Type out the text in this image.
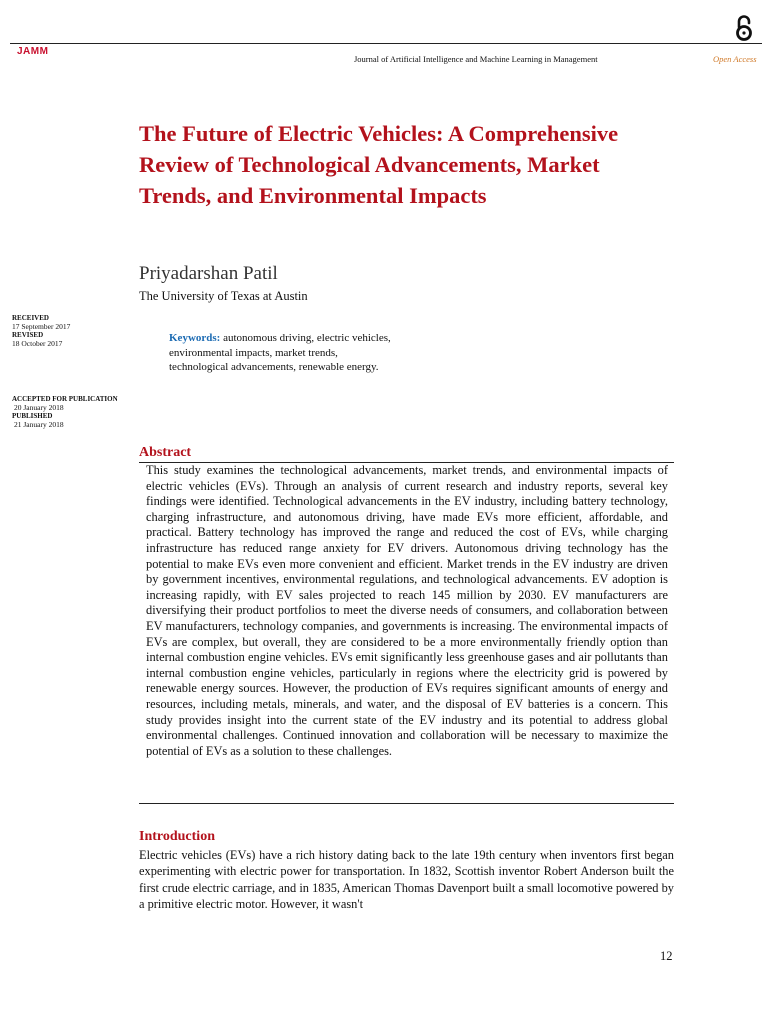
JAMM
Journal of Artificial Intelligence and Machine Learning in Management	Open Access
The Future of Electric Vehicles: A Comprehensive Review of Technological Advancements, Market Trends, and Environmental Impacts
Priyadarshan Patil
The University of Texas at Austin
RECEIVED
17 September 2017
REVISED
18 October 2017
ACCEPTED FOR PUBLICATION
20 January 2018
PUBLISHED
21 January 2018
Keywords: autonomous driving, electric vehicles, environmental impacts, market trends, technological advancements, renewable energy.
Abstract

This study examines the technological advancements, market trends, and environmental impacts of electric vehicles (EVs). Through an analysis of current research and industry reports, several key findings were identified. Technological advancements in the EV industry, including battery technology, charging infrastructure, and autonomous driving, have made EVs more efficient, affordable, and practical. Battery technology has improved the range and reduced the cost of EVs, while charging infrastructure has reduced range anxiety for EV drivers. Autonomous driving technology has the potential to make EVs even more convenient and efficient. Market trends in the EV industry are driven by government incentives, environmental regulations, and technological advancements. EV adoption is increasing rapidly, with EV sales projected to reach 145 million by 2030. EV manufacturers are diversifying their product portfolios to meet the diverse needs of consumers, and collaboration between EV manufacturers, technology companies, and governments is increasing. The environmental impacts of EVs are complex, but overall, they are considered to be a more environmentally friendly option than internal combustion engine vehicles. EVs emit significantly less greenhouse gases and air pollutants than internal combustion engine vehicles, particularly in regions where the electricity grid is powered by renewable energy sources. However, the production of EVs requires significant amounts of energy and resources, including metals, minerals, and water, and the disposal of EV batteries is a concern. This study provides insight into the current state of the EV industry and its potential to address global environmental challenges. Continued innovation and collaboration will be necessary to maximize the potential of EVs as a solution to these challenges.

Introduction

Electric vehicles (EVs) have a rich history dating back to the late 19th century when inventors first began experimenting with electric power for transportation. In 1832, Scottish inventor Robert Anderson built the first crude electric carriage, and in 1835, American Thomas Davenport built a small locomotive powered by a primitive electric motor. However, it wasn't

12
